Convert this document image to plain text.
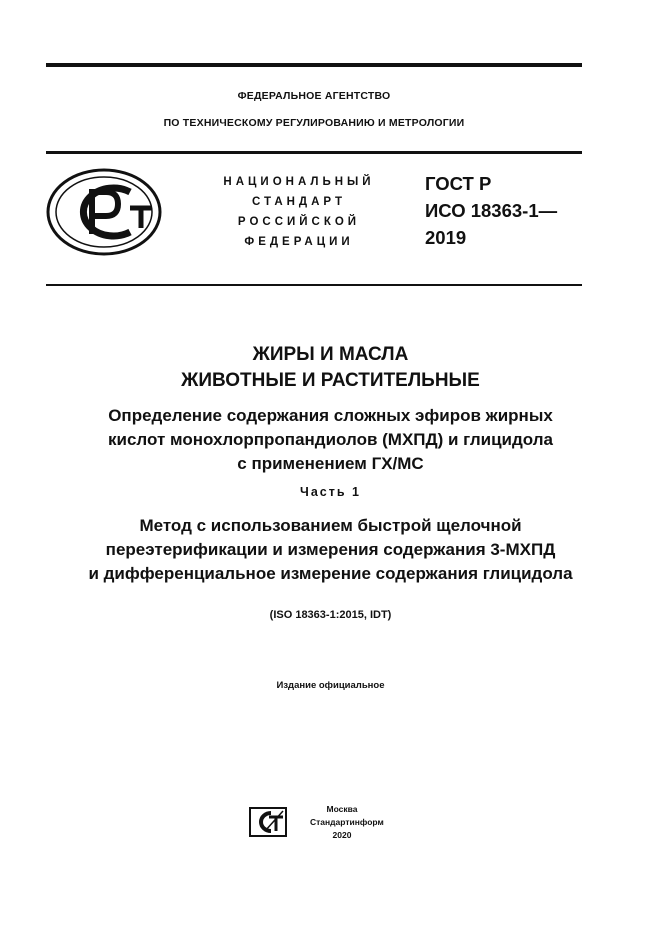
ФЕДЕРАЛЬНОЕ АГЕНТСТВО
ПО ТЕХНИЧЕСКОМУ РЕГУЛИРОВАНИЮ И МЕТРОЛОГИИ
НАЦИОНАЛЬНЫЙ
СТАНДАРТ
РОССИЙСКОЙ
ФЕДЕРАЦИИ
ГОСТ Р
ИСО 18363-1—
2019
ЖИРЫ И МАСЛА
ЖИВОТНЫЕ И РАСТИТЕЛЬНЫЕ
Определение содержания сложных эфиров жирных
кислот монохлорпропандиолов (МХПД) и глицидола
с применением ГХ/МС
Часть 1
Метод с использованием быстрой щелочной
переэтерификации и измерения содержания 3-МХПД
и дифференциальное измерение содержания глицидола
(ISO 18363-1:2015, IDT)
Издание официальное
Москва
Стандартинформ
2020
